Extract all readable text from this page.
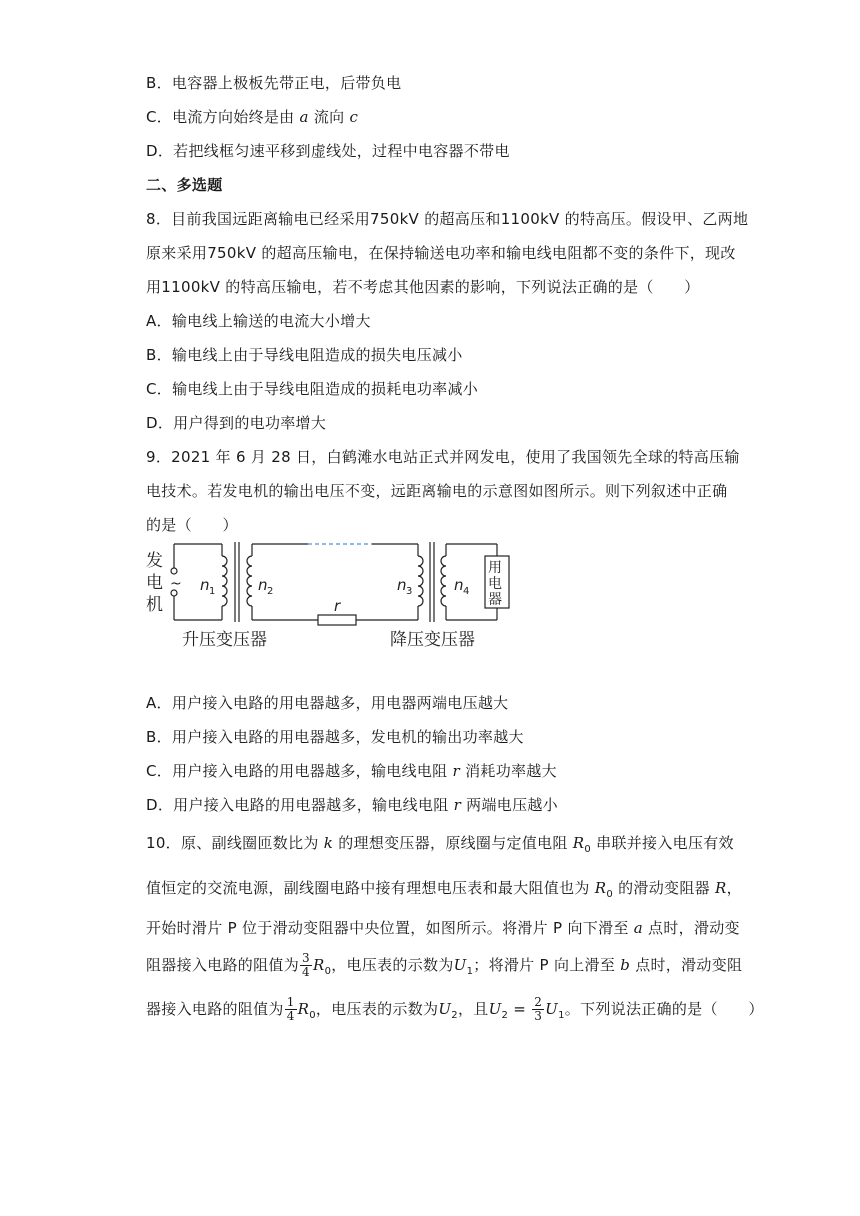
B．电容器上极板先带正电，后带负电
C．电流方向始终是由 a 流向 c
D．若把线框匀速平移到虚线处，过程中电容器不带电
二、多选题
8．目前我国远距离输电已经采用750kV 的超高压和1100kV 的特高压。假设甲、乙两地
原来采用750kV 的超高压输电，在保持输送电功率和输电线电阻都不变的条件下，现改
用1100kV 的特高压输电，若不考虑其他因素的影响，下列说法正确的是（　　）
A．输电线上输送的电流大小增大
B．输电线上由于导线电阻造成的损失电压减小
C．输电线上由于导线电阻造成的损耗电功率减小
D．用户得到的电功率增大
9．2021 年 6 月 28 日，白鹤滩水电站正式并网发电，使用了我国领先全球的特高压输
电技术。若发电机的输出电压不变，远距离输电的示意图如图所示。则下列叙述中正确
的是（　　）
发
电
机
~ n 1	n 2	n 3	n 4
用
电
器
r
升压变压器	降压变压器
A．用户接入电路的用电器越多，用电器两端电压越大
B．用户接入电路的用电器越多，发电机的输出功率越大
C．用户接入电路的用电器越多，输电线电阻 r 消耗功率越大
D．用户接入电路的用电器越多，输电线电阻 r 两端电压越小
10．原、副线圈匝数比为 k 的理想变压器，原线圈与定值电阻 $R_0$ 串联并接入电压有效
值恒定的交流电源，副线圈电路中接有理想电压表和最大阻值也为 $R_0$ 的滑动变阻器 R，
开始时滑片 P 位于滑动变阻器中央位置，如图所示。将滑片 P 向下滑至 a 点时，滑动变
阻器接入电路的阻值为 $\frac{3}{4} R_0$，电压表的示数为$U_1$；将滑片 P 向上滑至 b 点时，滑动变阻
器接入电路的阻值为 $\frac{1}{4} R_0$，电压表的示数为$U_2$，且$U_2 = \frac{2}{3} U_1$。下列说法正确的是（　　）
